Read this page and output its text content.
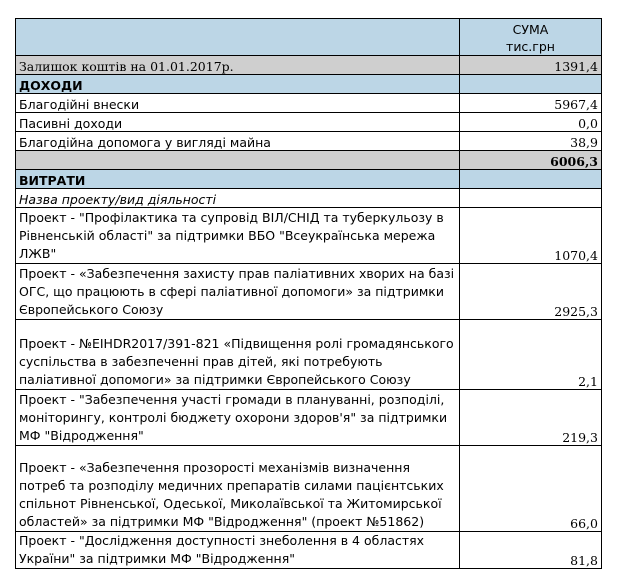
	СУМА
тис.грн

Залишок коштів на 01.01.2017р.	1391,4
ДОХОДИ	
Благодійні внески	5967,4
Пасивні доходи	0,0
Благодійна допомога у вигляді майна	38,9
	6006,3
ВИТРАТИ	
Назва проекту/вид діяльності	
Проект - "Профілактика та супровід ВІЛ/СНІД та туберкульозу в Рівненській області" за підтримки ВБО "Всеукраїнська мережа ЛЖВ"	1070,4
Проект - «Забезпечення захисту прав паліативних хворих на базі ОГС, що працюють в сфері паліативної допомоги» за підтримки Європейського Союзу	2925,3
Проект - №EIHDR2017/391-821 «Підвищення ролі громадянського суспільства в забезпеченні прав дітей, які потребують паліативної допомоги» за підтримки Європейського Союзу	2,1
Проект - "Забезпечення участі громади в плануванні, розподілі, моніторингу, контролі бюджету охорони здоров'я" за підтримки МФ "Відродження"	219,3
Проект - «Забезпечення прозорості механізмів визначення потреб та розподілу медичних препаратів силами пацієнтських спільнот Рівненської, Одеської, Миколаївської та Житомирської областей» за підтримки МФ "Відродження" (проект №51862)	66,0
Проект - "Дослідження доступності знеболення в 4 областях України" за підтримки МФ "Відродження"	81,8
